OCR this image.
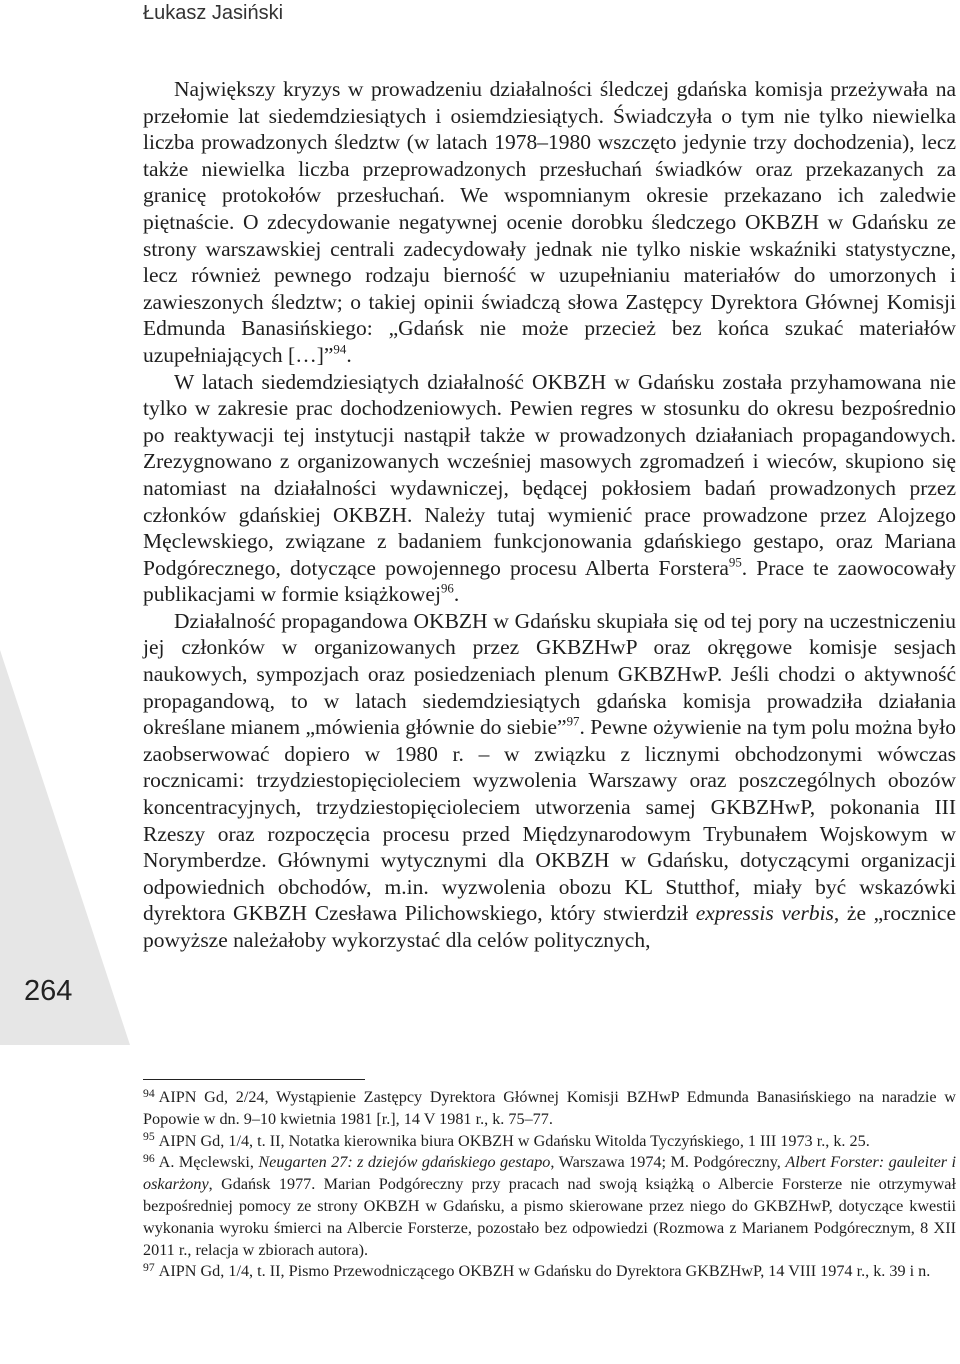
Łukasz Jasiński

Największy kryzys w prowadzeniu działalności śledczej gdańska komisja przeżywała na przełomie lat siedemdziesiątych i osiemdziesiątych. Świadczyła o tym nie tylko niewielka liczba prowadzonych śledztw (w latach 1978–1980 wszczęto jedynie trzy dochodzenia), lecz także niewielka liczba przeprowadzonych przesłuchań świadków oraz przekazanych za granicę protokołów przesłuchań. We wspomnianym okresie przekazano ich zaledwie piętnaście. O zdecydowanie negatywnej ocenie dorobku śledczego OKBZH w Gdańsku ze strony warszawskiej centrali zadecydowały jednak nie tylko niskie wskaźniki statystyczne, lecz również pewnego rodzaju bierność w uzupełnianiu materiałów do umorzonych i zawieszonych śledztw; o takiej opinii świadczą słowa Zastępcy Dyrektora Głównej Komisji Edmunda Banasińskiego: „Gdańsk nie może przecież bez końca szukać materiałów uzupełniających […]”$^{94}$.

W latach siedemdziesiątych działalność OKBZH w Gdańsku została przyhamowana nie tylko w zakresie prac dochodzeniowych. Pewien regres w stosunku do okresu bezpośrednio po reaktywacji tej instytucji nastąpił także w prowadzonych działaniach propagandowych. Zrezygnowano z organizowanych wcześniej masowych zgromadzeń i wieców, skupiono się natomiast na działalności wydawniczej, będącej pokłosiem badań prowadzonych przez członków gdańskiej OKBZH. Należy tutaj wymienić prace prowadzone przez Alojzego Męclewskiego, związane z badaniem funkcjonowania gdańskiego gestapo, oraz Mariana Podgórecznego, dotyczące powojennego procesu Alberta Forstera$^{95}$. Prace te zaowocowały publikacjami w formie książkowej$^{96}$.

Działalność propagandowa OKBZH w Gdańsku skupiała się od tej pory na uczestniczeniu jej członków w organizowanych przez GKBZHwP oraz okręgowe komisje sesjach naukowych, sympozjach oraz posiedzeniach plenum GKBZHwP. Jeśli chodzi o aktywność propagandową, to w latach siedemdziesiątych gdańska komisja prowadziła działania określane mianem „mówienia głównie do siebie”$^{97}$. Pewne ożywienie na tym polu można było zaobserwować dopiero w 1980 r. – w związku z licznymi obchodzonymi wówczas rocznicami: trzydziestopięcioleciem wyzwolenia Warszawy oraz poszczególnych obozów koncentracyjnych, trzydziestopięcioleciem utworzenia samej GKBZHwP, pokonania III Rzeszy oraz rozpoczęcia procesu przed Międzynarodowym Trybunałem Wojskowym w Norymberdze. Głównymi wytycznymi dla OKBZH w Gdańsku, dotyczącymi organizacji odpowiednich obchodów, m.in. wyzwolenia obozu KL Stutthof, miały być wskazówki dyrektora GKBZH Czesława Pilichowskiego, który stwierdził expressis verbis, że „rocznice powyższe należałoby wykorzystać dla celów politycznych,

$^{94}$ AIPN Gd, 2/24, Wystąpienie Zastępcy Dyrektora Głównej Komisji BZHwP Edmunda Banasińskiego na naradzie w Popowie w dn. 9–10 kwietnia 1981 [r.], 14 V 1981 r., k. 75–77.

$^{95}$ AIPN Gd, 1/4, t. II, Notatka kierownika biura OKBZH w Gdańsku Witolda Tyczyńskiego, 1 III 1973 r., k. 25.

$^{96}$ A. Męclewski, Neugarten 27: z dziejów gdańskiego gestapo, Warszawa 1974; M. Podgóreczny, Albert Forster: gauleiter i oskarżony, Gdańsk 1977. Marian Podgóreczny przy pracach nad swoją książką o Albercie Forsterze nie otrzymywał bezpośredniej pomocy ze strony OKBZH w Gdańsku, a pismo skierowane przez niego do GKBZHwP, dotyczące kwestii wykonania wyroku śmierci na Albercie Forsterze, pozostało bez odpowiedzi (Rozmowa z Marianem Podgórecznym, 8 XII 2011 r., relacja w zbiorach autora).

$^{97}$ AIPN Gd, 1/4, t. II, Pismo Przewodniczącego OKBZH w Gdańsku do Dyrektora GKBZHwP, 14 VIII 1974 r., k. 39 i n.

264
